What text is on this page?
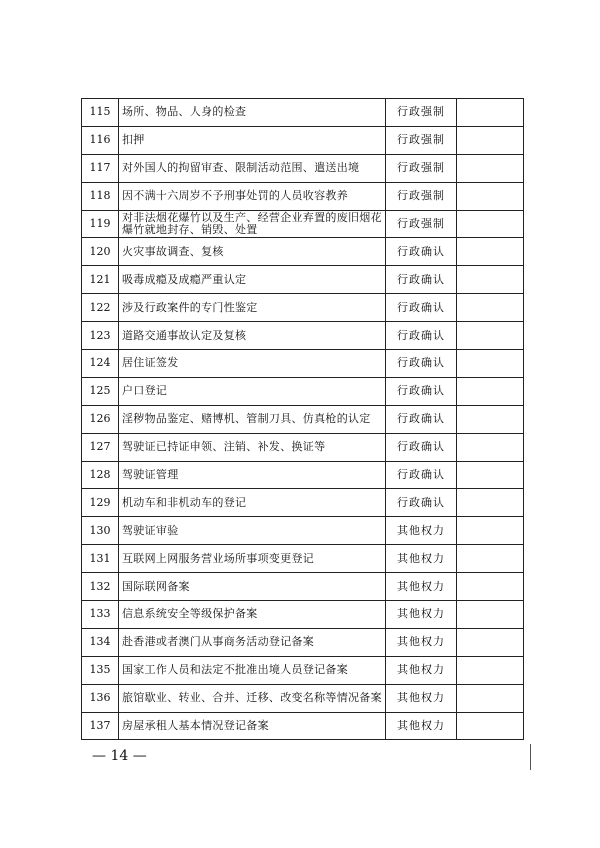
115	场所、物品、人身的检查	行政强制	
116	扣押	行政强制	
117	对外国人的拘留审查、限制活动范围、遣送出境	行政强制	
118	因不满十六周岁不予刑事处罚的人员收容教养	行政强制	
119	对非法烟花爆竹以及生产、经营企业弃置的废旧烟花爆竹就地封存、销毁、处置	行政强制	
120	火灾事故调查、复核	行政确认	
121	吸毒成瘾及成瘾严重认定	行政确认	
122	涉及行政案件的专门性鉴定	行政确认	
123	道路交通事故认定及复核	行政确认	
124	居住证签发	行政确认	
125	户口登记	行政确认	
126	淫秽物品鉴定、赌博机、管制刀具、仿真枪的认定	行政确认	
127	驾驶证已持证申领、注销、补发、换证等	行政确认	
128	驾驶证管理	行政确认	
129	机动车和非机动车的登记	行政确认	
130	驾驶证审验	其他权力	
131	互联网上网服务营业场所事项变更登记	其他权力	
132	国际联网备案	其他权力	
133	信息系统安全等级保护备案	其他权力	
134	赴香港或者澳门从事商务活动登记备案	其他权力	
135	国家工作人员和法定不批准出境人员登记备案	其他权力	
136	旅馆歇业、转业、合并、迁移、改变名称等情况备案	其他权力	
137	房屋承租人基本情况登记备案	其他权力	
— 14 —
